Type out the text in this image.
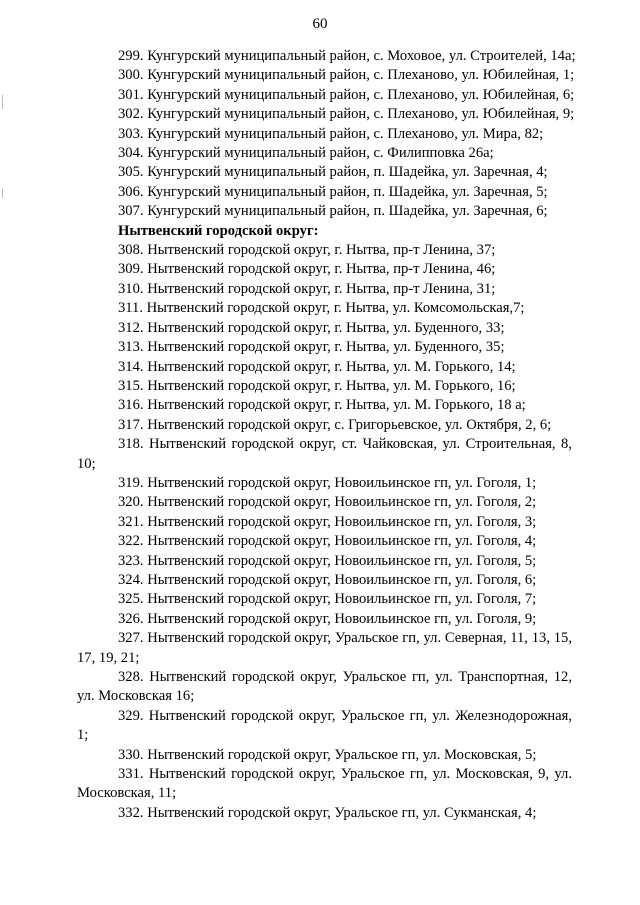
60
299. Кунгурский муниципальный район, с. Моховое, ул. Строителей, 14а;
300. Кунгурский муниципальный район, с. Плеханово, ул. Юбилейная, 1;
301. Кунгурский муниципальный район, с. Плеханово, ул. Юбилейная, 6;
302. Кунгурский муниципальный район, с. Плеханово, ул. Юбилейная, 9;
303. Кунгурский муниципальный район, с. Плеханово, ул. Мира, 82;
304. Кунгурский муниципальный район, с. Филипповка 26а;
305. Кунгурский муниципальный район, п. Шадейка, ул. Заречная, 4;
306. Кунгурский муниципальный район, п. Шадейка, ул. Заречная, 5;
307. Кунгурский муниципальный район, п. Шадейка, ул. Заречная, 6;
Нытвенский городской округ:
308. Нытвенский городской округ, г. Нытва, пр-т Ленина, 37;
309. Нытвенский городской округ, г. Нытва, пр-т Ленина, 46;
310. Нытвенский городской округ, г. Нытва, пр-т Ленина, 31;
311. Нытвенский городской округ, г. Нытва, ул. Комсомольская,7;
312. Нытвенский городской округ, г. Нытва, ул. Буденного, 33;
313. Нытвенский городской округ, г. Нытва, ул. Буденного, 35;
314. Нытвенский городской округ, г. Нытва, ул. М. Горького, 14;
315. Нытвенский городской округ, г. Нытва, ул. М. Горького, 16;
316. Нытвенский городской округ, г. Нытва, ул. М. Горького, 18 а;
317. Нытвенский городской округ, с. Григорьевское, ул. Октября, 2, 6;
318. Нытвенский городской округ, ст. Чайковская, ул. Строительная, 8, 10;
319. Нытвенский городской округ, Новоильинское гп, ул. Гоголя, 1;
320. Нытвенский городской округ, Новоильинское гп, ул. Гоголя, 2;
321. Нытвенский городской округ, Новоильинское гп, ул. Гоголя, 3;
322. Нытвенский городской округ, Новоильинское гп, ул. Гоголя, 4;
323. Нытвенский городской округ, Новоильинское гп, ул. Гоголя, 5;
324. Нытвенский городской округ, Новоильинское гп, ул. Гоголя, 6;
325. Нытвенский городской округ, Новоильинское гп, ул. Гоголя, 7;
326. Нытвенский городской округ, Новоильинское гп, ул. Гоголя, 9;
327. Нытвенский городской округ, Уральское гп, ул. Северная, 11, 13, 15, 17, 19, 21;
328. Нытвенский городской округ, Уральское гп, ул. Транспортная, 12, ул. Московская 16;
329. Нытвенский городской округ, Уральское гп, ул. Железнодорожная, 1;
330. Нытвенский городской округ, Уральское гп, ул. Московская, 5;
331. Нытвенский городской округ, Уральское гп, ул. Московская, 9, ул. Московская, 11;
332. Нытвенский городской округ, Уральское гп, ул. Сукманская, 4;
